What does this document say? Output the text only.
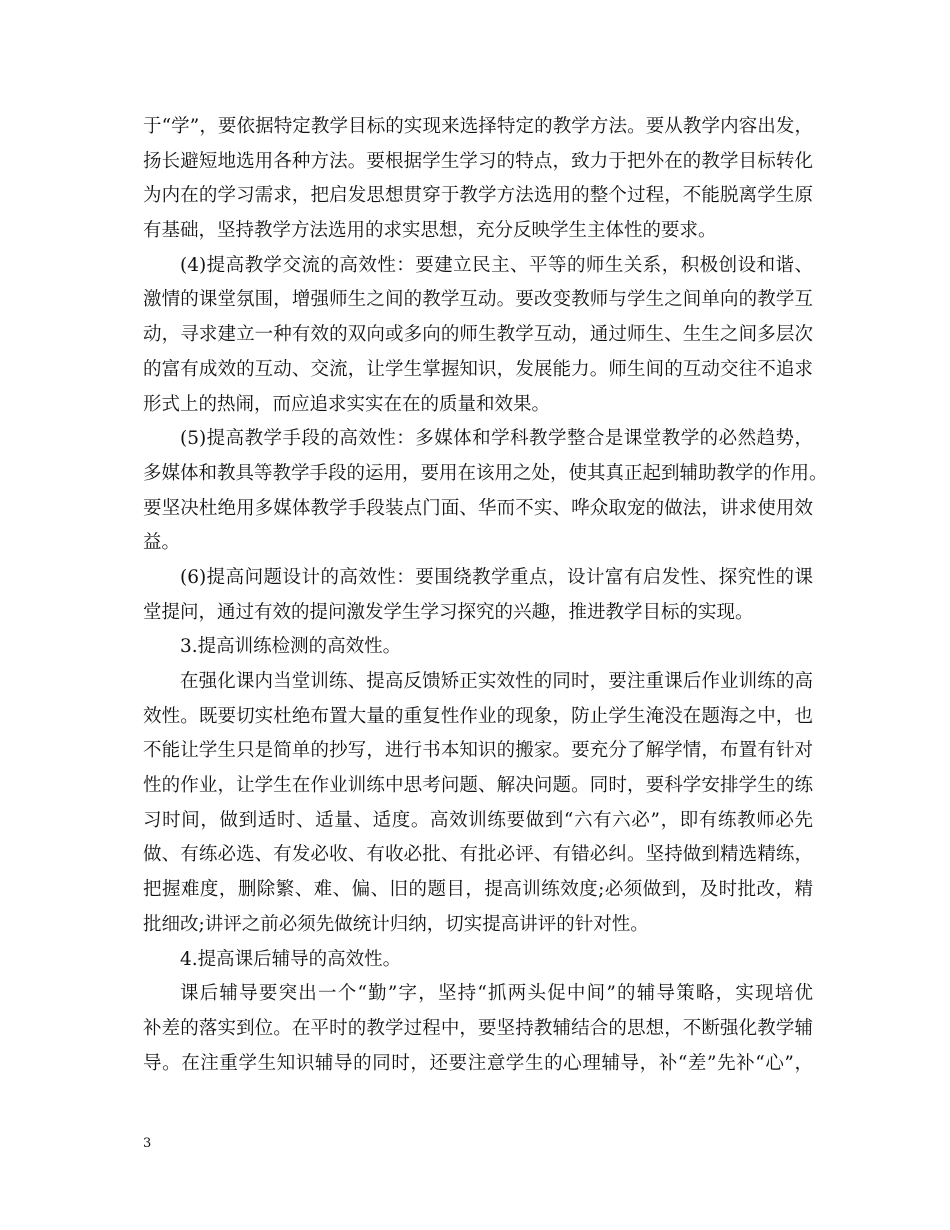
于“学”，要依据特定教学目标的实现来选择特定的教学方法。要从教学内容出发，
扬长避短地选用各种方法。要根据学生学习的特点，致力于把外在的教学目标转化
为内在的学习需求，把启发思想贯穿于教学方法选用的整个过程，不能脱离学生原
有基础，坚持教学方法选用的求实思想，充分反映学生主体性的要求。
(4)提高教学交流的高效性：要建立民主、平等的师生关系，积极创设和谐、
激情的课堂氛围，增强师生之间的教学互动。要改变教师与学生之间单向的教学互
动，寻求建立一种有效的双向或多向的师生教学互动，通过师生、生生之间多层次
的富有成效的互动、交流，让学生掌握知识，发展能力。师生间的互动交往不追求
形式上的热闹，而应追求实实在在的质量和效果。
(5)提高教学手段的高效性：多媒体和学科教学整合是课堂教学的必然趋势，
多媒体和教具等教学手段的运用，要用在该用之处，使其真正起到辅助教学的作用。
要坚决杜绝用多媒体教学手段装点门面、华而不实、哗众取宠的做法，讲求使用效
益。
(6)提高问题设计的高效性：要围绕教学重点，设计富有启发性、探究性的课
堂提问，通过有效的提问激发学生学习探究的兴趣，推进教学目标的实现。
3.提高训练检测的高效性。
在强化课内当堂训练、提高反馈矫正实效性的同时，要注重课后作业训练的高
效性。既要切实杜绝布置大量的重复性作业的现象，防止学生淹没在题海之中，也
不能让学生只是简单的抄写，进行书本知识的搬家。要充分了解学情，布置有针对
性的作业，让学生在作业训练中思考问题、解决问题。同时，要科学安排学生的练
习时间，做到适时、适量、适度。高效训练要做到“六有六必”，即有练教师必先
做、有练必选、有发必收、有收必批、有批必评、有错必纠。坚持做到精选精练，
把握难度，删除繁、难、偏、旧的题目，提高训练效度;必须做到，及时批改，精
批细改;讲评之前必须先做统计归纳，切实提高讲评的针对性。
4.提高课后辅导的高效性。
课后辅导要突出一个“勤”字，坚持“抓两头促中间”的辅导策略，实现培优
补差的落实到位。在平时的教学过程中，要坚持教辅结合的思想，不断强化教学辅
导。在注重学生知识辅导的同时，还要注意学生的心理辅导，补“差”先补“心”，
3
